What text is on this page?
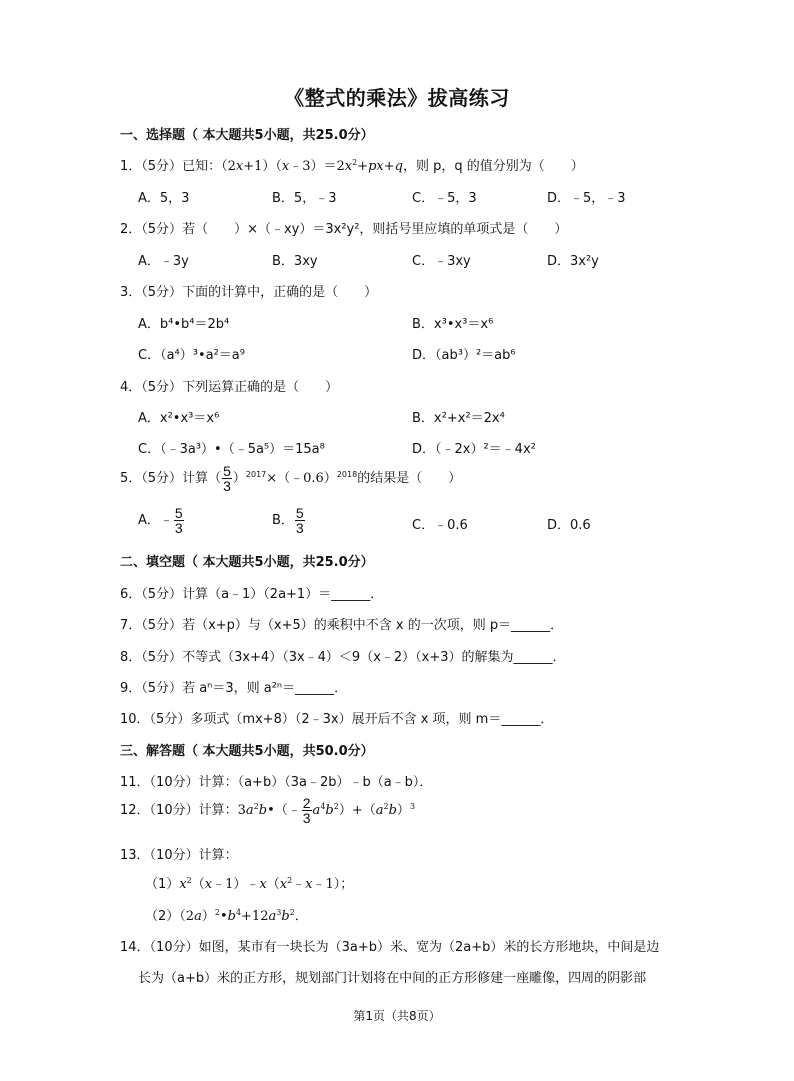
《整式的乘法》拔高练习
一、选择题（ 本大题共5小题，共25.0分）
1．（5分）已知：$(2x+1)(x﹣3)=2x^2+px+q$，则 p，q 的值分别为（　　）
A．5，3	B．5，﹣3	C．﹣5，3	D．﹣5，﹣3
2．（5分）若（　　）×（﹣xy）＝3x²y²，则括号里应填的单项式是（　　）
A．﹣3y	B．3xy	C．﹣3xy	D．3x²y
3．（5分）下面的计算中，正确的是（　　）
A．b⁴•b⁴＝2b⁴	B．x³•x³＝x⁶
C．（a⁴）³•a²＝a⁹	D．（ab³）²＝ab⁶
4．（5分）下列运算正确的是（　　）
A．x²•x³＝x⁶	B．x²+x²＝2x⁴
C．（﹣3a³）•（﹣5a⁵）＝15a⁸	D．（﹣2x）²＝﹣4x²
5．（5分）计算（ $\frac{5}{3}$ ）$^{2017}$×（﹣0.6）$^{2018}$的结果是（　　）
A．﹣ $\frac{5}{3}$	B． $\frac{5}{3}$	C．﹣0.6	D．0.6
二、填空题（ 本大题共5小题，共25.0分）
6．（5分）计算（a﹣1）（2a+1）＝______．
7．（5分）若（x+p）与（x+5）的乘积中不含 x 的一次项，则 p＝______．
8．（5分）不等式（3x+4）（3x﹣4）＜9（x﹣2）（x+3）的解集为______．
9．（5分）若 aⁿ＝3，则 a²ⁿ＝______．
10．（5分）多项式（mx+8）（2﹣3x）展开后不含 x 项，则 m＝______．
三、解答题（ 本大题共5小题，共50.0分）
11．（10分）计算：（a+b）（3a﹣2b）﹣b（a﹣b）．
12．（10分）计算：$3a^2b•(﹣ \frac{2}{3} a^4b^2)+(a^2b)^3$
13．（10分）计算：
$(1)x^2(x﹣1)﹣x(x^2﹣x﹣1)$；
$(2)(2a)^2•b^4+12a^3b^2$．
14．（10分）如图，某市有一块长为（3a+b）米、宽为（2a+b）米的长方形地块，中间是边
长为（a+b）米的正方形，规划部门计划将在中间的正方形修建一座雕像，四周的阴影部
第1页（共8页）
